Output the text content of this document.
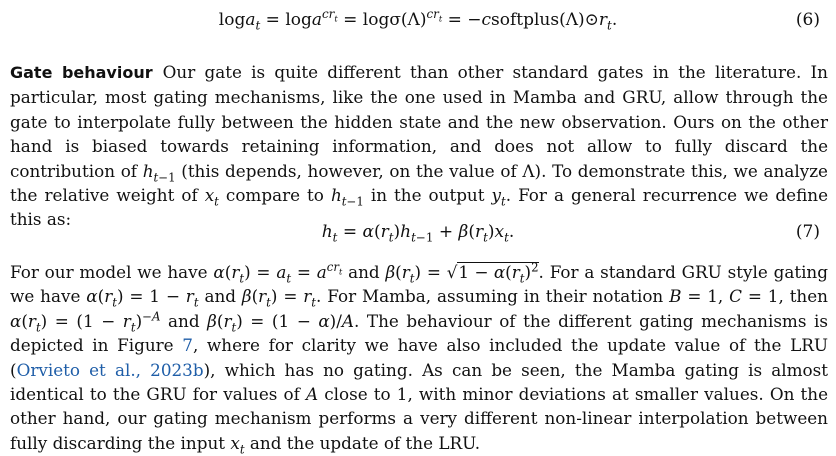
$\log a_t = \log a^{cr_t} = \log\sigma(\Lambda)^{cr_t}$ = $-csoftplus(\Lambda)⊙r_t$.	(6)
Gate behaviour Our gate is quite different than other standard gates in the literature. In particular, most gating mechanisms, like the one used in Mamba and GRU, allow through the gate to interpolate fully between the hidden state and the new observation. Ours on the other hand is biased towards retaining information, and does not allow to fully discard the contribution of $h_{t-1}$ (this depends, however, on the value of Λ). To demonstrate this, we analyze the relative weight of $x_t$ compare to $h_{t-1}$ in the output $y_t$. For a general recurrence we define this as:
$h_t = \alpha(r_t)h_{t-1} + \beta(r_t)x_t$.	(7)
For our model we have $\alpha(r_t) = a_t = a^{cr_t}$ and $\beta(r_t) = √1 - \alpha(r_t)^2$. For a standard GRU style gating we have $\alpha(r_t) = 1 - r_t$ and $\beta(r_t) = r_t$. For Mamba, assuming in their notation B = 1, C = 1, then $\alpha(r_t) = (1 - r_t)^{-A}$ and $\beta(r_t) = (1 - \alpha)/A$. The behaviour of the different gating mechanisms is depicted in Figure 7, where for clarity we have also included the update value of the LRU (Orvieto et al., 2023b), which has no gating. As can be seen, the Mamba gating is almost identical to the GRU for values of A close to 1, with minor deviations at smaller values. On the other hand, our gating mechanism performs a very different non-linear interpolation between fully discarding the input $x_t$ and the update of the LRU.
